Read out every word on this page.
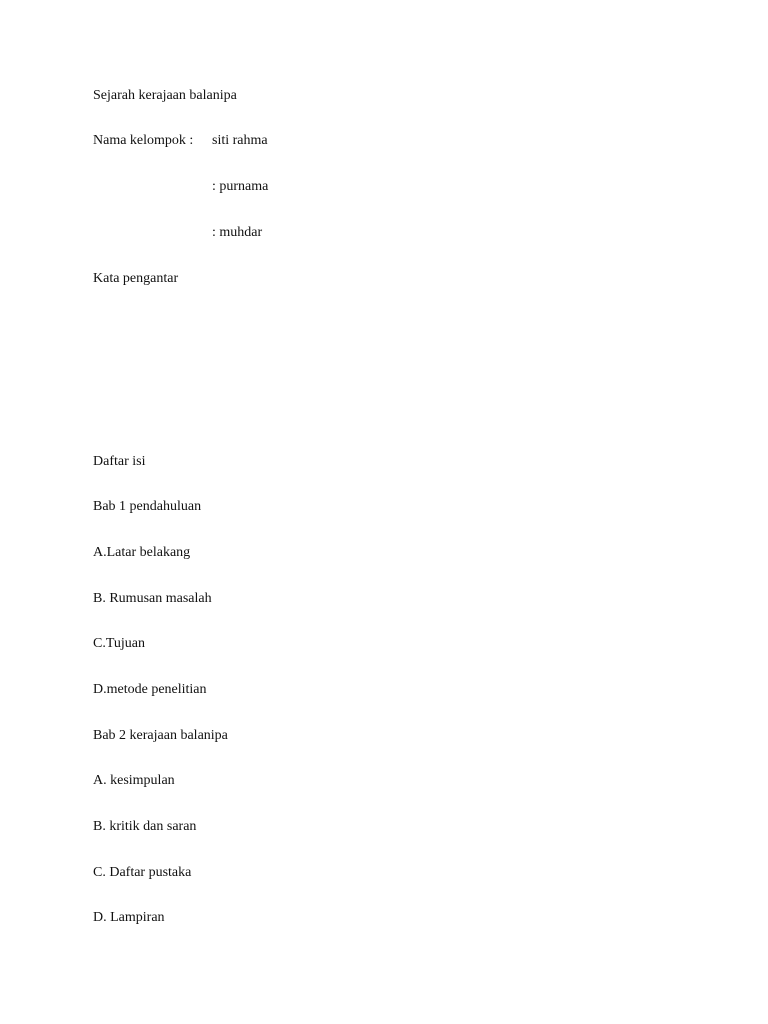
Sejarah kerajaan balanipa
Nama kelompok : siti rahma
: purnama
: muhdar
Kata pengantar
Daftar isi
Bab 1 pendahuluan
A.Latar belakang
B. Rumusan masalah
C.Tujuan
D.metode penelitian
Bab 2 kerajaan balanipa
A. kesimpulan
B. kritik dan saran
C. Daftar pustaka
D. Lampiran
